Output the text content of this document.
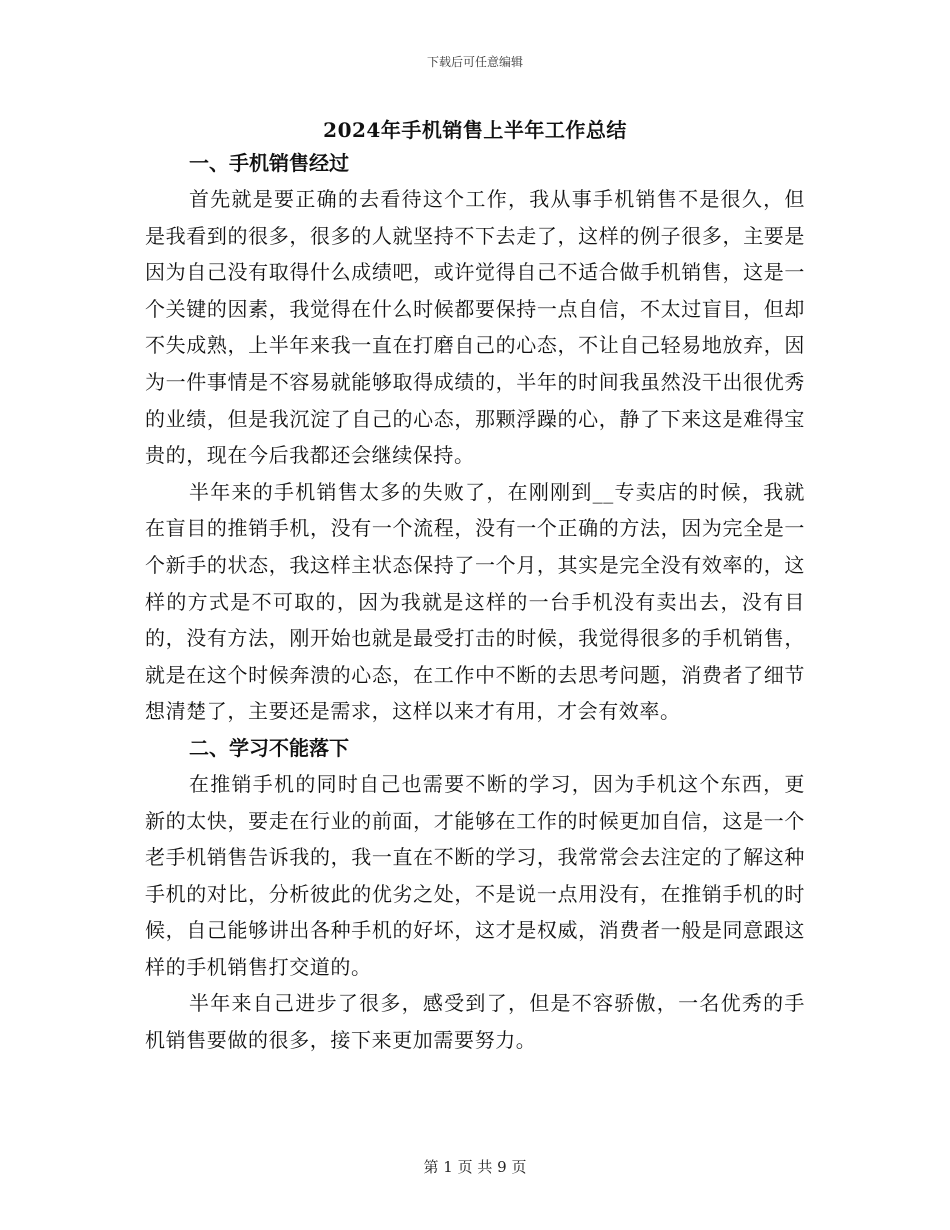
下载后可任意编辑
2024年手机销售上半年工作总结
一、手机销售经过

首先就是要正确的去看待这个工作，我从事手机销售不是很久，但是我看到的很多，很多的人就坚持不下去走了，这样的例子很多，主要是因为自己没有取得什么成绩吧，或许觉得自己不适合做手机销售，这是一个关键的因素，我觉得在什么时候都要保持一点自信，不太过盲目，但却不失成熟，上半年来我一直在打磨自己的心态，不让自己轻易地放弃，因为一件事情是不容易就能够取得成绩的，半年的时间我虽然没干出很优秀的业绩，但是我沉淀了自己的心态，那颗浮躁的心，静了下来这是难得宝贵的，现在今后我都还会继续保持。

半年来的手机销售太多的失败了，在刚刚到__专卖店的时候，我就在盲目的推销手机，没有一个流程，没有一个正确的方法，因为完全是一个新手的状态，我这样主状态保持了一个月，其实是完全没有效率的，这样的方式是不可取的，因为我就是这样的一台手机没有卖出去，没有目的，没有方法，刚开始也就是最受打击的时候，我觉得很多的手机销售，就是在这个时候奔溃的心态，在工作中不断的去思考问题，消费者了细节想清楚了，主要还是需求，这样以来才有用，才会有效率。

二、学习不能落下

在推销手机的同时自己也需要不断的学习，因为手机这个东西，更新的太快，要走在行业的前面，才能够在工作的时候更加自信，这是一个老手机销售告诉我的，我一直在不断的学习，我常常会去注定的了解这种手机的对比，分析彼此的优劣之处，不是说一点用没有，在推销手机的时候，自己能够讲出各种手机的好坏，这才是权威，消费者一般是同意跟这样的手机销售打交道的。

半年来自己进步了很多，感受到了，但是不容骄傲，一名优秀的手机销售要做的很多，接下来更加需要努力。

第 1 页 共 9 页
